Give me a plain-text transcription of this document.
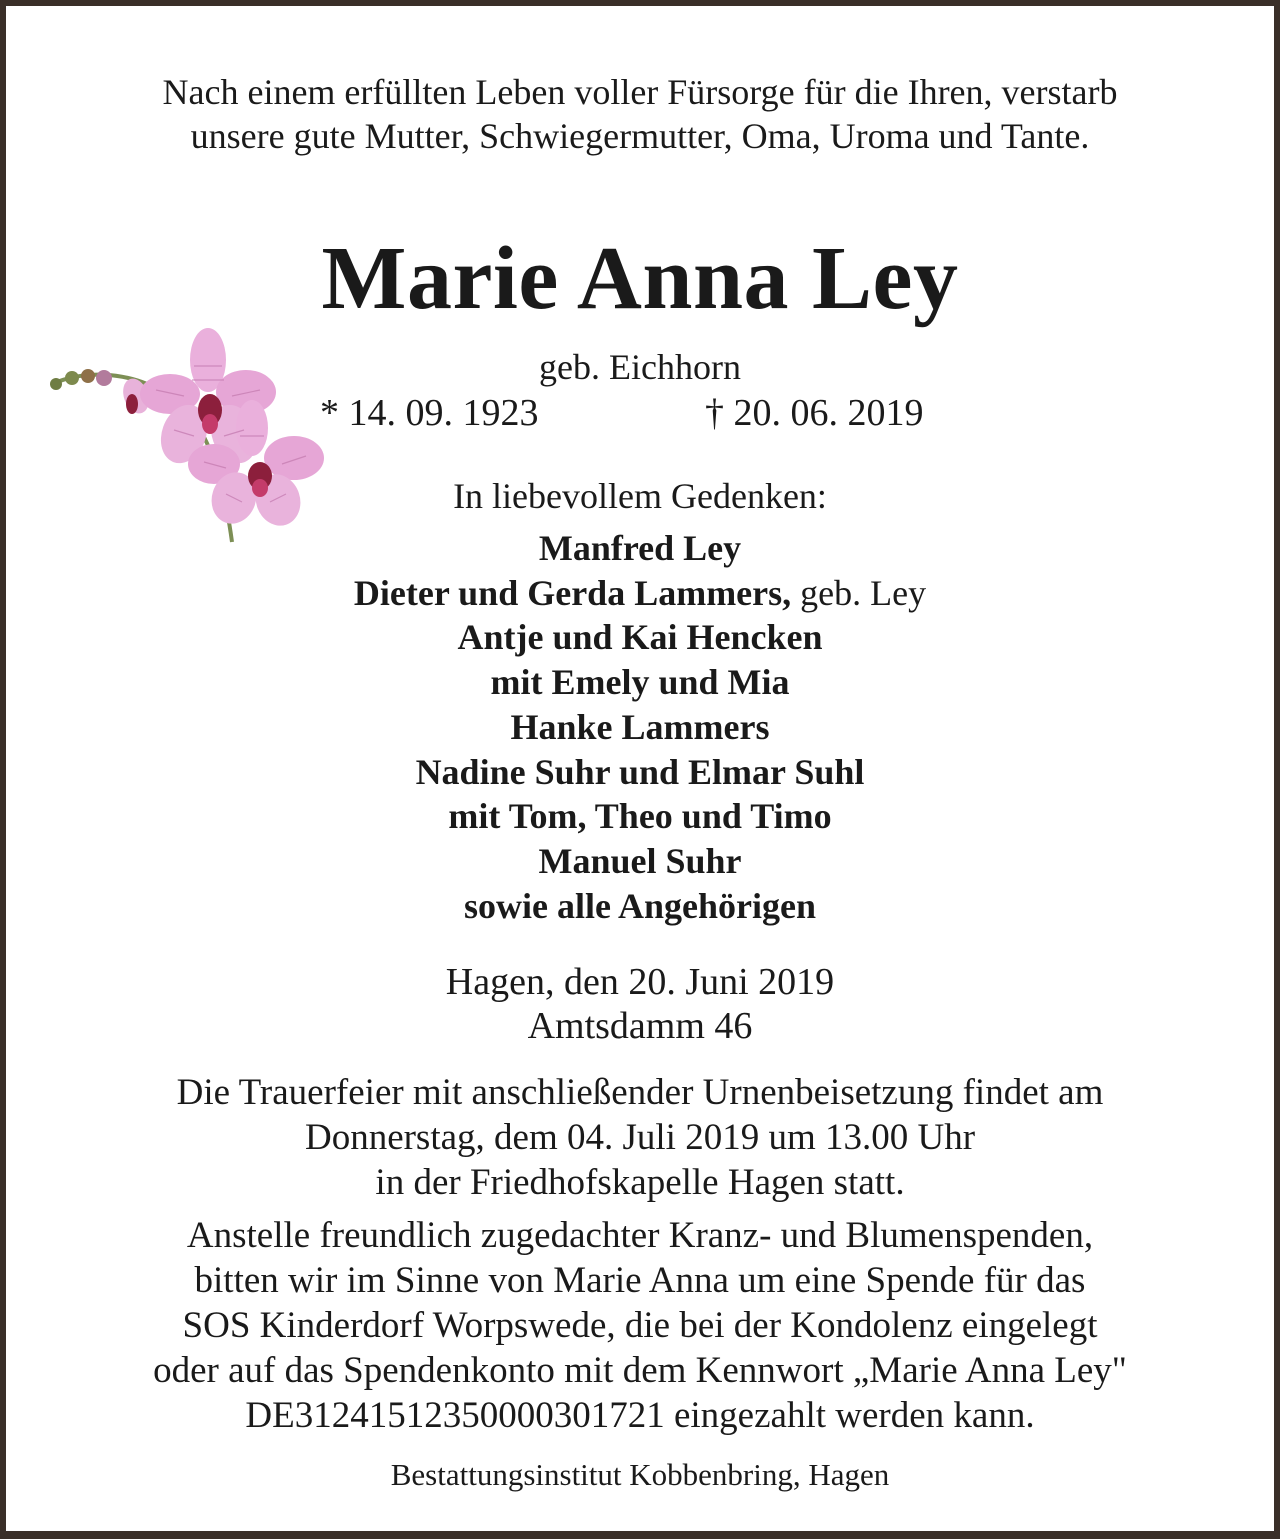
Nach einem erfüllten Leben voller Fürsorge für die Ihren, verstarb
unsere gute Mutter, Schwiegermutter, Oma, Uroma und Tante.
Marie Anna Ley
geb. Eichhorn
* 14. 09. 1923	† 20. 06. 2019
In liebevollem Gedenken:
Manfred Ley
Dieter und Gerda Lammers, geb. Ley
Antje und Kai Hencken
mit Emely und Mia
Hanke Lammers
Nadine Suhr und Elmar Suhl
mit Tom, Theo und Timo
Manuel Suhr
sowie alle Angehörigen
Hagen, den 20. Juni 2019
Amtsdamm 46
Die Trauerfeier mit anschließender Urnenbeisetzung findet am
Donnerstag, dem 04. Juli 2019 um 13.00 Uhr
in der Friedhofskapelle Hagen statt.
Anstelle freundlich zugedachter Kranz- und Blumenspenden,
bitten wir im Sinne von Marie Anna um eine Spende für das
SOS Kinderdorf Worpswede, die bei der Kondolenz eingelegt
oder auf das Spendenkonto mit dem Kennwort „Marie Anna Ley"
DE31241512350000301721 eingezahlt werden kann.
Bestattungsinstitut Kobbenbring, Hagen
